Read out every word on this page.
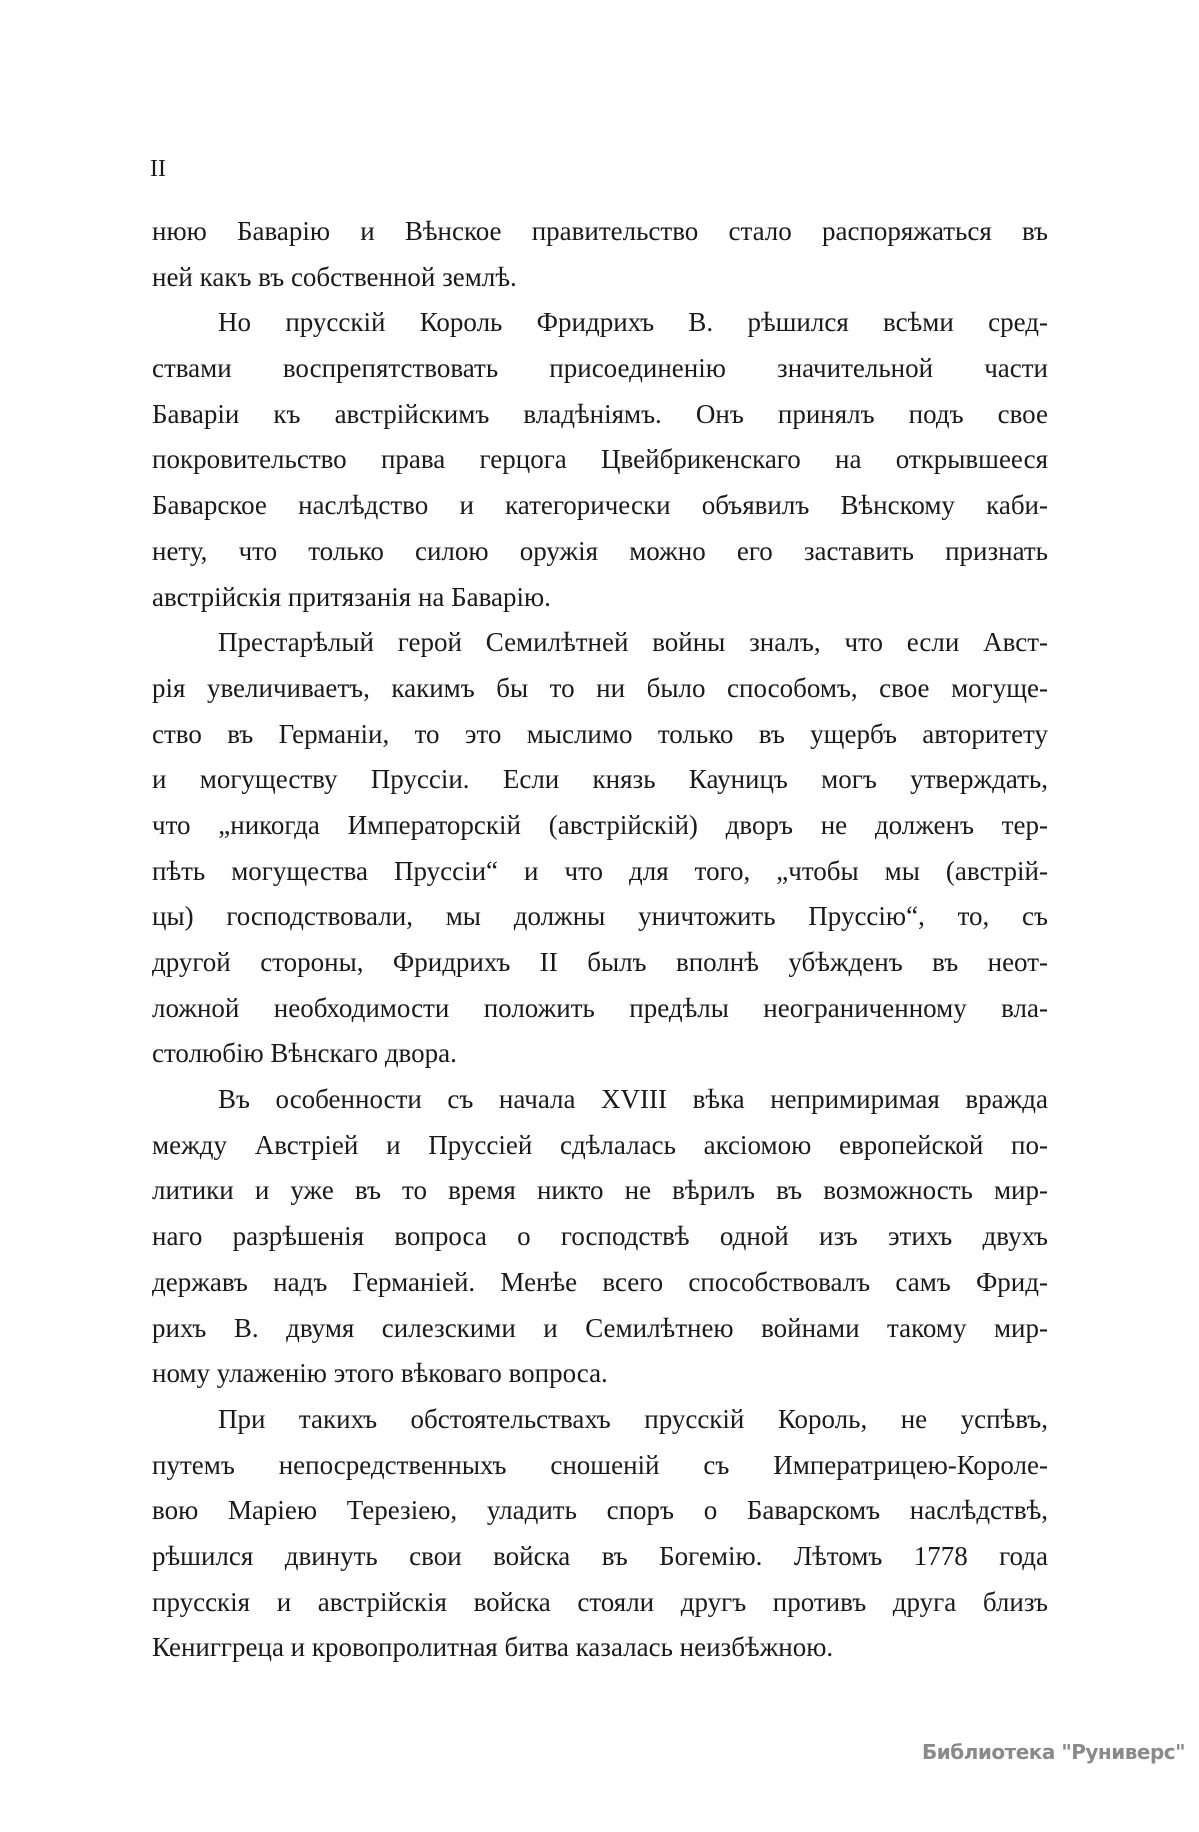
II
нюю Баварію и Вѣнское правительство стало распоряжаться въ
ней какъ въ собственной землѣ.
Но прусскій Король Фридрихъ В. рѣшился всѣми сред-
ствами воспрепятствовать присоединенію значительной части
Баваріи къ австрійскимъ владѣніямъ. Онъ принялъ подъ свое
покровительство права герцога Цвейбрикенскаго на открывшееся
Баварское наслѣдство и категорически объявилъ Вѣнскому каби-
нету, что только силою оружія можно его заставить признать
австрійскія притязанія на Баварію.
Престарѣлый герой Семилѣтней войны зналъ, что если Авст-
рія увеличиваетъ, какимъ бы то ни было способомъ, свое могуще-
ство въ Германіи, то это мыслимо только въ ущербъ авторитету
и могуществу Пруссіи. Если князь Кауницъ могъ утверждать,
что „никогда Императорскій (австрійскій) дворъ не долженъ тер-
пѣть могущества Пруссіи“ и что для того, „чтобы мы (австрій-
цы) господствовали, мы должны уничтожить Пруссію“, то, съ
другой стороны, Фридрихъ II былъ вполнѣ убѣжденъ въ неот-
ложной необходимости положить предѣлы неограниченному вла-
столюбію Вѣнскаго двора.
Въ особенности съ начала XVIII вѣка непримиримая вражда
между Австріей и Пруссіей сдѣлалась аксіомою европейской по-
литики и уже въ то время никто не вѣрилъ въ возможность мир-
наго разрѣшенія вопроса о господствѣ одной изъ этихъ двухъ
державъ надъ Германіей. Менѣе всего способствовалъ самъ Фрид-
рихъ В. двумя силезскими и Семилѣтнею войнами такому мир-
ному улаженію этого вѣковаго вопроса.
При такихъ обстоятельствахъ прусскій Король, не успѣвъ,
путемъ непосредственныхъ сношеній съ Императрицею-Короле-
вою Маріею Терезіею, уладить споръ о Баварскомъ наслѣдствѣ,
рѣшился двинуть свои войска въ Богемію. Лѣтомъ 1778 года
прусскія и австрійскія войска стояли другъ противъ друга близъ
Кениггреца и кровопролитная битва казалась неизбѣжною.
Библиотека "Руниверс"
